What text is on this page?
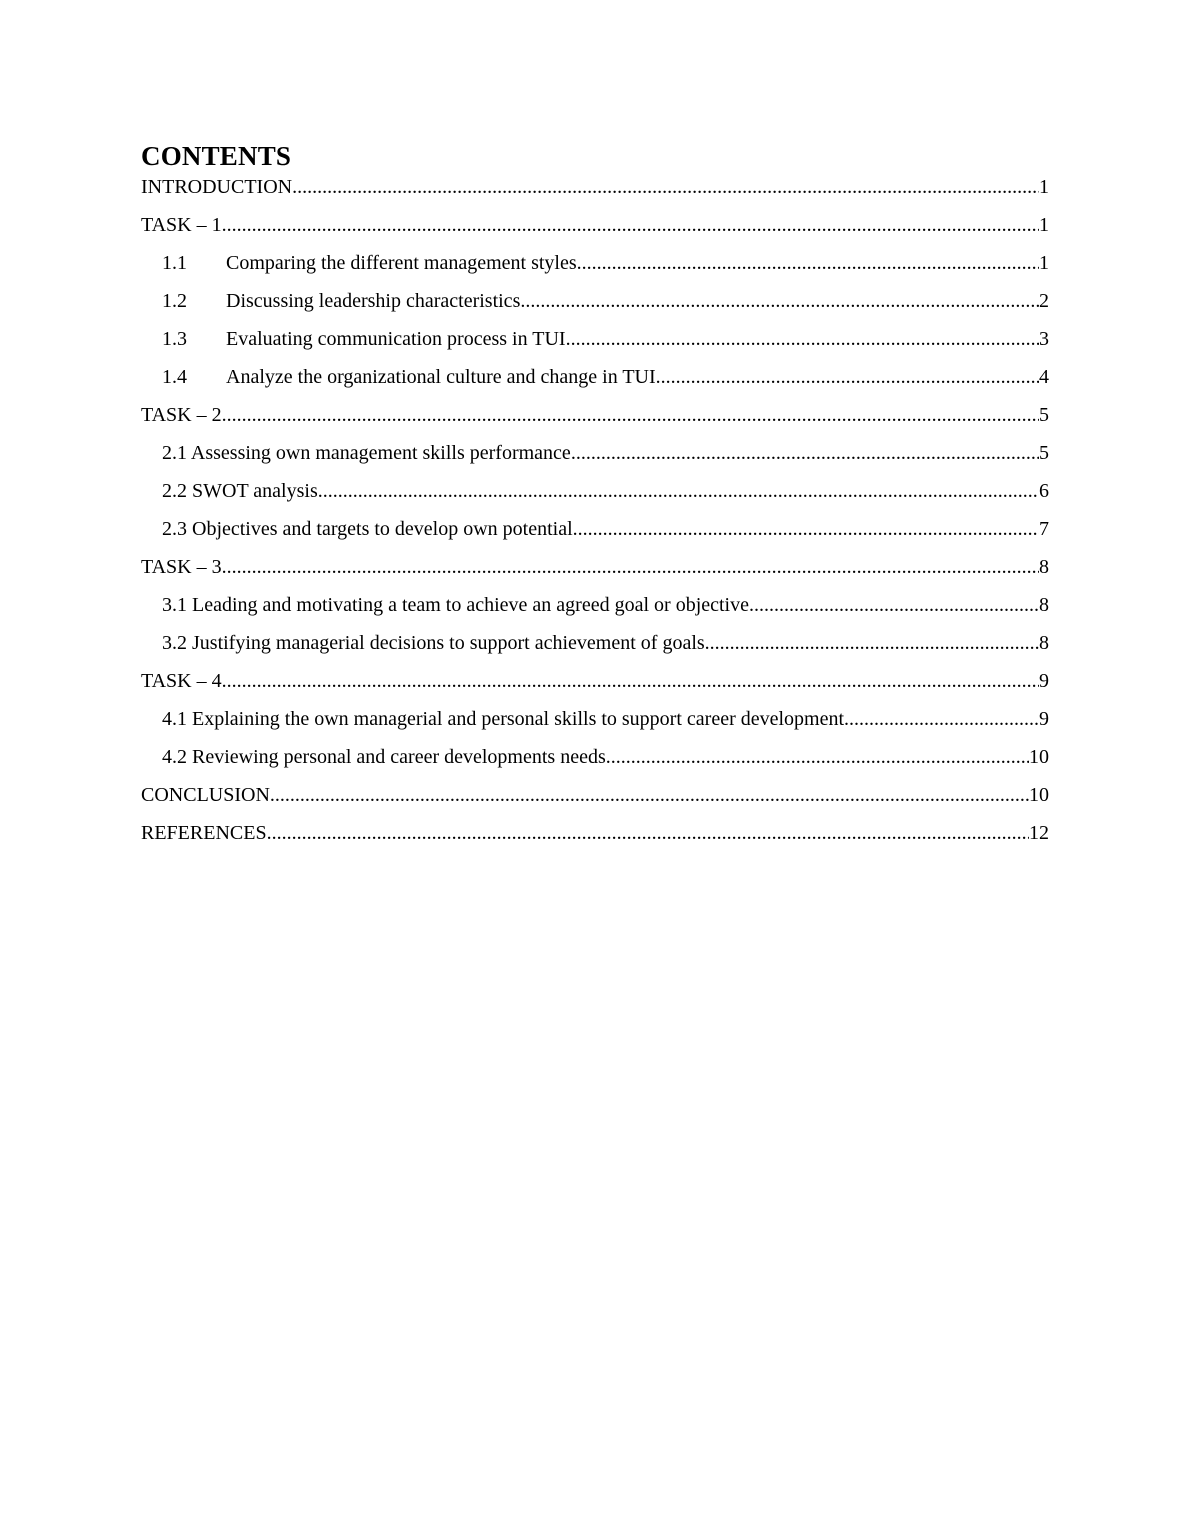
CONTENTS
INTRODUCTION .....	1
TASK – 1 .....	1
1.1	Comparing the different management styles .....	1
1.2	Discussing leadership characteristics .....	2
1.3	Evaluating communication process in TUI .....	3
1.4	Analyze the organizational culture and change in TUI .....	4
TASK – 2 .....	5
2.1 Assessing own management skills performance .....	5
2.2 SWOT analysis .....	6
2.3 Objectives and targets to develop own potential .....	7
TASK – 3 .....	8
3.1 Leading and motivating a team to achieve an agreed goal or objective .....	8
3.2 Justifying managerial decisions to support achievement of goals .....	8
TASK – 4 .....	9
4.1 Explaining the own managerial and personal skills to support career development .....	9
4.2 Reviewing personal and career developments needs .....	10
CONCLUSION .....	10
REFERENCES .....	12
